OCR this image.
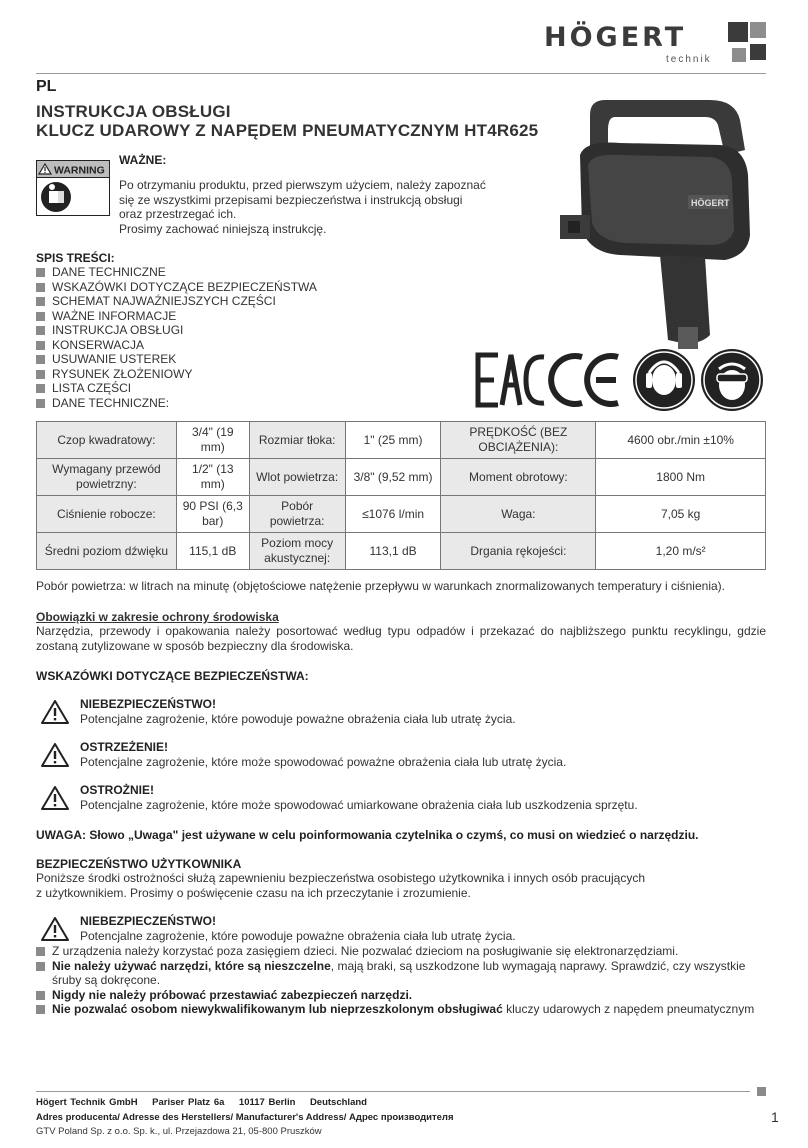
HÖGERT
technik
PL
INSTRUKCJA OBSŁUGI
KLUCZ UDAROWY Z NAPĘDEM PNEUMATYCZNYM HT4R625
WARNING
WAŻNE:
Po otrzymaniu produktu, przed pierwszym użyciem, należy zapoznać
się ze wszystkimi przepisami bezpieczeństwa i instrukcją obsługi
oraz przestrzegać ich.
Prosimy zachować niniejszą instrukcję.
HÖGERT
SPIS TREŚCI:
DANE TECHNICZNE
WSKAZÓWKI DOTYCZĄCE BEZPIECZEŃSTWA
SCHEMAT NAJWAŻNIEJSZYCH CZĘŚCI
WAŻNE INFORMACJE
INSTRUKCJA OBSŁUGI
KONSERWACJA
USUWANIE USTEREK
RYSUNEK ZŁOŻENIOWY
LISTA CZĘŚCI
DANE TECHNICZNE:
Czop kwadratowy:	3/4" (19 mm)	Rozmiar tłoka:	1" (25 mm)	PRĘDKOŚĆ (BEZ OBCIĄŻENIA):	4600 obr./min ±10%
Wymagany przewód powietrzny:	1/2" (13 mm)	Wlot powietrza:	3/8" (9,52 mm)	Moment obrotowy:	1800 Nm
Ciśnienie robocze:	90 PSI (6,3 bar)	Pobór powietrza:	≤1076 l/min	Waga:	7,05 kg
Średni poziom dźwięku	115,1 dB	Poziom mocy akustycznej:	113,1 dB	Drgania rękojeści:	1,20 m/s²
Pobór powietrza: w litrach na minutę (objętościowe natężenie przepływu w warunkach znormalizowanych temperatury i ciśnienia).
Obowiązki w zakresie ochrony środowiska
Narzędzia, przewody i opakowania należy posortować według typu odpadów i przekazać do najbliższego punktu recyklingu, gdzie zostaną zutylizowane w sposób bezpieczny dla środowiska.
WSKAZÓWKI DOTYCZĄCE BEZPIECZEŃSTWA:
NIEBEZPIECZEŃSTWO!
Potencjalne zagrożenie, które powoduje poważne obrażenia ciała lub utratę życia.
OSTRZEŻENIE!
Potencjalne zagrożenie, które może spowodować poważne obrażenia ciała lub utratę życia.
OSTROŻNIE!
Potencjalne zagrożenie, które może spowodować umiarkowane obrażenia ciała lub uszkodzenia sprzętu.
UWAGA: Słowo „Uwaga" jest używane w celu poinformowania czytelnika o czymś, co musi on wiedzieć o narzędziu.
BEZPIECZEŃSTWO UŻYTKOWNIKA
Poniższe środki ostrożności służą zapewnieniu bezpieczeństwa osobistego użytkownika i innych osób pracujących
z użytkownikiem. Prosimy o poświęcenie czasu na ich przeczytanie i zrozumienie.
NIEBEZPIECZEŃSTWO!
Potencjalne zagrożenie, które powoduje poważne obrażenia ciała lub utratę życia.
Z urządzenia należy korzystać poza zasięgiem dzieci. Nie pozwalać dzieciom na posługiwanie się elektronarzędziami.
Nie należy używać narzędzi, które są nieszczelne, mają braki, są uszkodzone lub wymagają naprawy. Sprawdzić, czy wszystkie śruby są dokręcone.
Nigdy nie należy próbować przestawiać zabezpieczeń narzędzi.
Nie pozwalać osobom niewykwalifikowanym lub nieprzeszkolonym obsługiwać kluczy udarowych z napędem pneumatycznym
Högert Technik GmbH    Pariser Platz 6a    10117 Berlin    Deutschland
Adres producenta/ Adresse des Herstellers/ Manufacturer's Address/ Адрес производителя
GTV Poland Sp. z o.o. Sp. k., ul. Przejazdowa 21, 05-800 Pruszków
1
